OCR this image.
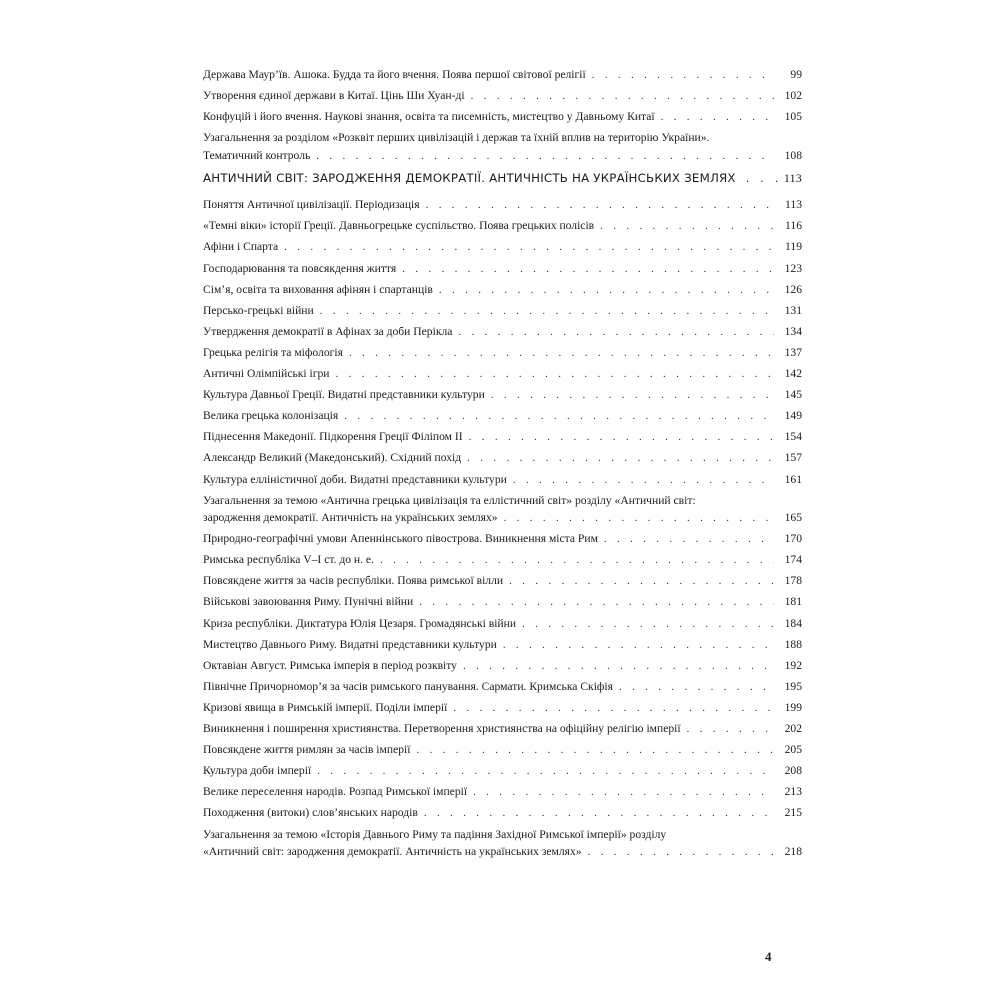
Держава Маур’їв. Ашока. Будда та його вчення. Поява першої світової релігії . . .	99
Утворення єдиної держави в Китаї. Цінь Ши Хуан-ді . . .	102
Конфуцій і його вчення. Наукові знання, освіта та писемність, мистецтво у Давньому Китаї . . .	105
Узагальнення за розділом «Розквіт перших цивілізацій і держав та їхній вплив на територію України».
Тематичний контроль . . .	108
АНТИЧНИЙ СВІТ: ЗАРОДЖЕННЯ ДЕМОКРАТІЇ. АНТИЧНІСТЬ НА УКРАЇНСЬКИХ ЗЕМЛЯХ . . .	113
Поняття Античної цивілізації. Періодизація . . .	113
«Темні віки» історії Греції. Давньогрецьке суспільство. Поява грецьких полісів . . .	116
Афіни і Спарта . . .	119
Господарювання та повсякдення життя . . .	123
Сім’я, освіта та виховання афінян і спартанців . . .	126
Персько-грецькі війни . . .	131
Утвердження демократії в Афінах за доби Перікла . . .	134
Грецька релігія та міфологія . . .	137
Античні Олімпійські ігри . . .	142
Культура Давньої Греції. Видатні представники культури . . .	145
Велика грецька колонізація . . .	149
Піднесення Македонії. Підкорення Греції Філіпом ІІ . . .	154
Александр Великий (Македонський). Східний похід . . .	157
Культура елліністичної доби. Видатні представники культури . . .	161
Узагальнення за темою «Антична грецька цивілізація та еллістичний світ» розділу «Античний світ:
зародження демократії. Античність на українських землях» . . .	165
Природно-географічні умови Апеннінського півострова. Виникнення міста Рим . . .	170
Римська республіка V–I ст. до н. е. . . .	174
Повсякдене життя за часів республіки. Поява римської вілли . . .	178
Військові завоювання Риму. Пунічні війни . . .	181
Криза республіки. Диктатура Юлія Цезаря. Громадянські війни . . .	184
Мистецтво Давнього Риму. Видатні представники культури . . .	188
Октавіан Август. Римська імперія в період розквіту . . .	192
Північне Причорномор’я за часів римського панування. Сармати. Кримська Скіфія . . .	195
Кризові явища в Римській імперії. Поділи імперії . . .	199
Виникнення і поширення християнства. Перетворення християнства на офіційну релігію імперії . . .	202
Повсякдене життя римлян за часів імперії . . .	205
Культура доби імперії . . .	208
Велике переселення народів. Розпад Римської імперії . . .	213
Походження (витоки) слов’янських народів . . .	215
Узагальнення за темою «Історія Давнього Риму та падіння Західної Римської імперії» розділу
«Античний світ: зародження демократії. Античність на українських землях» . . .	218
4
